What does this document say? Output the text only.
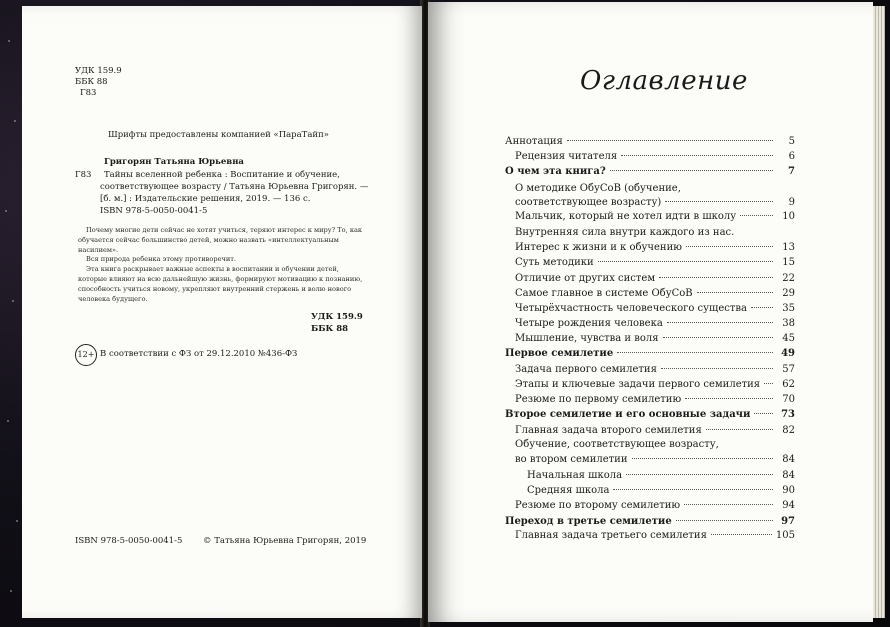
УДК 159.9
ББК 88
Г83
Шрифты предоставлены компанией «ПараТайп»
Григорян Татьяна Юрьевна
Г83 Тайны вселенной ребенка : Воспитание и обучение,
соответствующее возрасту / Татьяна Юрьевна Григорян. —
[б. м.] : Издательские решения, 2019. — 136 с.
ISBN 978-5-0050-0041-5

Почему многие дети сейчас не хотят учиться, теряют интерес к миру? То, как обучается сейчас большинство детей, можно назвать «интеллектуальным насилием».

Вся природа ребенка этому противоречит.

Эта книга раскрывает важные аспекты в воспитании и обучении детей, которые влияют на всю дальнейшую жизнь, формируют мотивацию к познанию, способность учиться новому, укрепляют внутренний стержень и волю нового человека будущего.

УДК 159.9
ББК 88
12+ В соответствии с ФЗ от 29.12.2010 №436-ФЗ
ISBN 978-5-0050-0041-5 © Татьяна Юрьевна Григорян, 2019
Оглавление
Аннотация	5
Рецензия читателя	6
О чем эта книга?	7
О методике ОбуСоВ (обучение,
соответствующее возрасту)	9
Мальчик, который не хотел идти в школу	10
Внутренняя сила внутри каждого из нас.
Интерес к жизни и к обучению	13
Суть методики	15
Отличие от других систем	22
Самое главное в системе ОбуСоВ	29
Четырёхчастность человеческого существа	35
Четыре рождения человека	38
Мышление, чувства и воля	45
Первое семилетие	49
Задача первого семилетия	57
Этапы и ключевые задачи первого семилетия	62
Резюме по первому семилетию	70
Второе семилетие и его основные задачи	73
Главная задача второго семилетия	82
Обучение, соответствующее возрасту,
во втором семилетии	84
Начальная школа	84
Средняя школа	90
Резюме по второму семилетию	94
Переход в третье семилетие	97
Главная задача третьего семилетия	105
